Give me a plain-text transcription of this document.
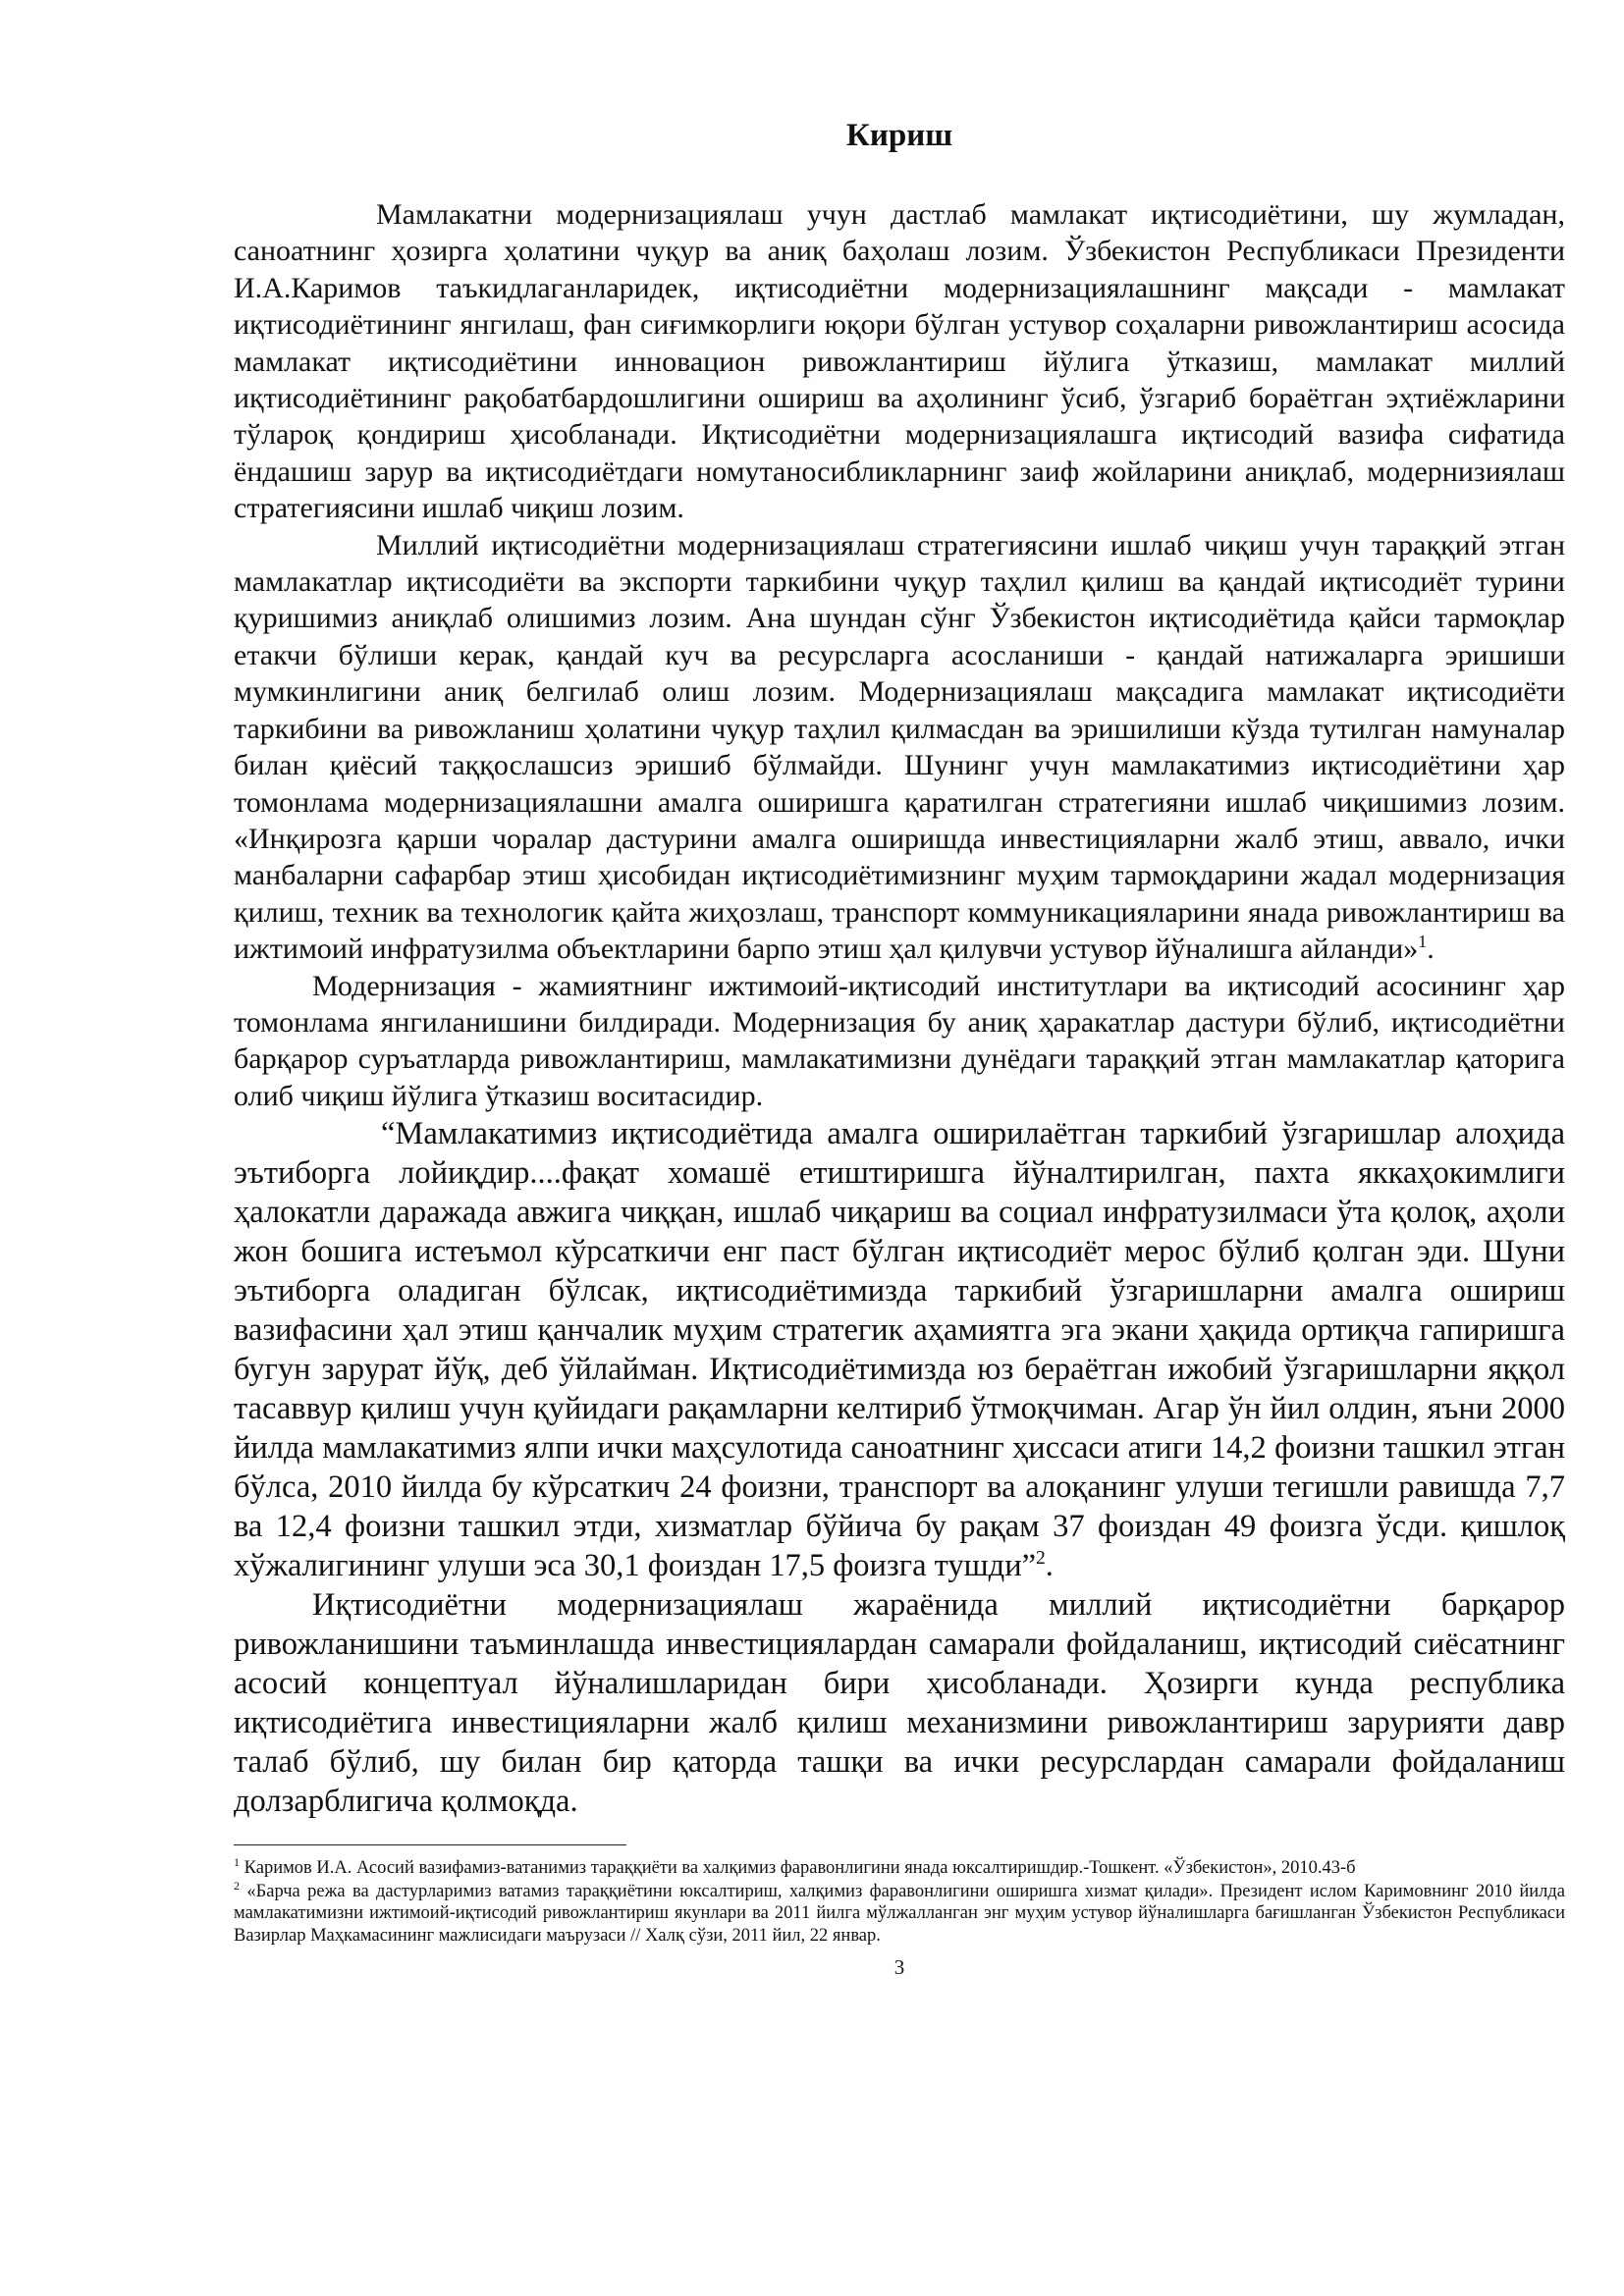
Кириш

Мамлакатни модернизациялаш учун дастлаб мамлакат иқтисодиётини, шу жумладан, саноатнинг ҳозирга ҳолатини чуқур ва аниқ баҳолаш лозим. Ўзбекистон Республикаси Президенти И.А.Каримов таъкидлаганларидек, иқтисодиётни модернизациялашнинг мақсади - мамлакат иқтисодиётининг янгилаш, фан сиғимкорлиги юқори бўлган устувор соҳаларни ривожлантириш асосида мамлакат иқтисодиётини инновацион ривожлантириш йўлига ўтказиш, мамлакат миллий иқтисодиётининг рақобатбардошлигини ошириш ва аҳолининг ўсиб, ўзгариб бораётган эҳтиёжларини тўлароқ қондириш ҳисобланади. Иқтисодиётни модернизациялашга иқтисодий вазифа сифатида ёндашиш зарур ва иқтисодиётдаги номутаносибликларнинг заиф жойларини аниқлаб, модернизиялаш стратегиясини ишлаб чиқиш лозим.

Миллий иқтисодиётни модернизациялаш стратегиясини ишлаб чиқиш учун тараққий этган мамлакатлар иқтисодиёти ва экспорти таркибини чуқур таҳлил қилиш ва қандай иқтисодиёт турини қуришимиз аниқлаб олишимиз лозим. Ана шундан сўнг Ўзбекистон иқтисодиётида қайси тармоқлар етакчи бўлиши керак, қандай куч ва ресурсларга асосланиши - қандай натижаларга эришиши мумкинлигини аниқ белгилаб олиш лозим. Модернизациялаш мақсадига мамлакат иқтисодиёти таркибини ва ривожланиш ҳолатини чуқур таҳлил қилмасдан ва эришилиши кўзда тутилган намуналар билан қиёсий таққослашсиз эришиб бўлмайди. Шунинг учун мамлакатимиз иқтисодиётини ҳар томонлама модернизациялашни амалга оширишга қаратилган стратегияни ишлаб чиқишимиз лозим. «Инқирозга қарши чоралар дастурини амалга оширишда инвестицияларни жалб этиш, аввало, ички манбаларни сафарбар этиш ҳисобидан иқтисодиётимизнинг муҳим тармоқдарини жадал модернизация қилиш, техник ва технологик қайта жиҳозлаш, транспорт коммуникацияларини янада ривожлантириш ва ижтимоий инфратузилма объектларини барпо этиш ҳал қилувчи устувор йўналишга айланди»$^1$.

Модернизация - жамиятнинг ижтимоий-иқтисодий институтлари ва иқтисодий асосининг ҳар томонлама янгиланишини билдиради. Модернизация бу аниқ ҳаракатлар дастури бўлиб, иқтисодиётни барқарор суръатларда ривожлантириш, мамлакатимизни дунёдаги тараққий этган мамлакатлар қаторига олиб чиқиш йўлига ўтказиш воситасидир.

“Мамлакатимиз иқтисодиётида амалга оширилаётган таркибий ўзгаришлар алоҳида эътиборга лойиқдир....фақат хомашё етиштиришга йўналтирилган, пахта яккаҳокимлиги ҳалокатли даражада авжига чиққан, ишлаб чиқариш ва социал инфратузилмаси ўта қолоқ, аҳоли жон бошига истеъмол кўрсаткичи енг паст бўлган иқтисодиёт мерос бўлиб қолган эди. Шуни эътиборга оладиган бўлсак, иқтисодиётимизда таркибий ўзгаришларни амалга ошириш вазифасини ҳал этиш қанчалик муҳим стратегик аҳамиятга эга экани ҳақида ортиқча гапиришга бугун зарурат йўқ, деб ўйлайман. Иқтисодиётимизда юз бераётган ижобий ўзгаришларни яққол тасаввур қилиш учун қуйидаги рақамларни келтириб ўтмоқчиман. Агар ўн йил олдин, яъни 2000 йилда мамлакатимиз ялпи ички маҳсулотида саноатнинг ҳиссаси атиги 14,2 фоизни ташкил этган бўлса, 2010 йилда бу кўрсаткич 24 фоизни, транспорт ва алоқанинг улуши тегишли равишда 7,7 ва 12,4 фоизни ташкил этди, хизматлар бўйича бу рақам 37 фоиздан 49 фоизга ўсди. қишлоқ хўжалигининг улуши эса 30,1 фоиздан 17,5 фоизга тушди”$^2$.

Иқтисодиётни модернизациялаш жараёнида миллий иқтисодиётни барқарор ривожланишини таъминлашда инвестициялардан самарали фойдаланиш, иқтисодий сиёсатнинг асосий концептуал йўналишларидан бири ҳисобланади. Ҳозирги кунда республика иқтисодиётига инвестицияларни жалб қилиш механизмини ривожлантириш зарурияти давр талаб бўлиб, шу билан бир қаторда ташқи ва ички ресурслардан самарали фойдаланиш долзарблигича қолмоқда.

$^1$ Каримов И.А. Асосий вазифамиз-ватанимиз тараққиёти ва халқимиз фаравонлигини янада юксалтиришдир.-Тошкент. «Ўзбекистон», 2010.43-б

$^2$ «Барча режа ва дастурларимиз ватамиз тараққиётини юксалтириш, халқимиз фаравонлигини оширишга хизмат қилади». Президент ислом Каримовнинг 2010 йилда мамлакатимизни ижтимоий-иқтисодий ривожлантириш якунлари ва 2011 йилга мўлжалланган энг муҳим устувор йўналишларга бағишланган Ўзбекистон Республикаси Вазирлар Маҳкамасининг мажлисидаги маърузаси // Халқ сўзи, 2011 йил, 22 январ.

3
